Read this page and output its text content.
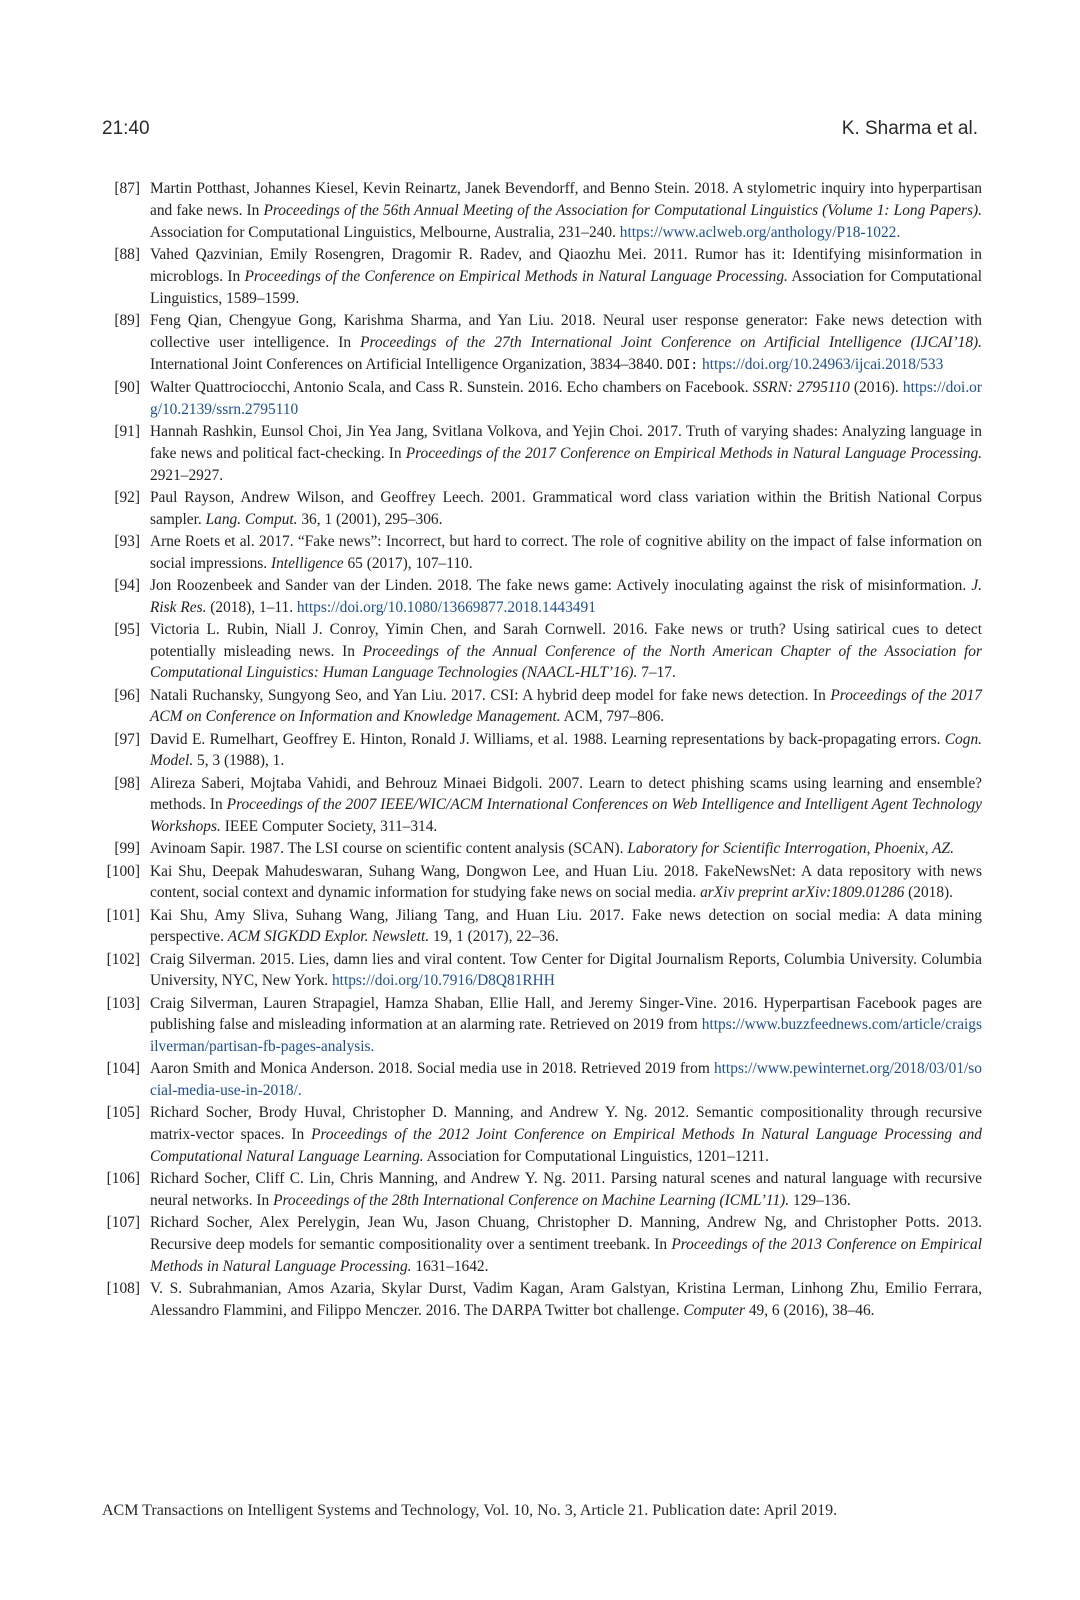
21:40	K. Sharma et al.
[87] Martin Potthast, Johannes Kiesel, Kevin Reinartz, Janek Bevendorff, and Benno Stein. 2018. A stylometric inquiry into hyperpartisan and fake news. In Proceedings of the 56th Annual Meeting of the Association for Computational Linguistics (Volume 1: Long Papers). Association for Computational Linguistics, Melbourne, Australia, 231–240. https://www.aclweb.org/anthology/P18-1022.
[88] Vahed Qazvinian, Emily Rosengren, Dragomir R. Radev, and Qiaozhu Mei. 2011. Rumor has it: Identifying misinformation in microblogs. In Proceedings of the Conference on Empirical Methods in Natural Language Processing. Association for Computational Linguistics, 1589–1599.
[89] Feng Qian, Chengyue Gong, Karishma Sharma, and Yan Liu. 2018. Neural user response generator: Fake news detection with collective user intelligence. In Proceedings of the 27th International Joint Conference on Artificial Intelligence (IJCAI’18). International Joint Conferences on Artificial Intelligence Organization, 3834–3840. DOI: https://doi.org/10.24963/ijcai.2018/533
[90] Walter Quattrociocchi, Antonio Scala, and Cass R. Sunstein. 2016. Echo chambers on Facebook. SSRN: 2795110 (2016). https://doi.org/10.2139/ssrn.2795110
[91] Hannah Rashkin, Eunsol Choi, Jin Yea Jang, Svitlana Volkova, and Yejin Choi. 2017. Truth of varying shades: Analyzing language in fake news and political fact-checking. In Proceedings of the 2017 Conference on Empirical Methods in Natural Language Processing. 2921–2927.
[92] Paul Rayson, Andrew Wilson, and Geoffrey Leech. 2001. Grammatical word class variation within the British National Corpus sampler. Lang. Comput. 36, 1 (2001), 295–306.
[93] Arne Roets et al. 2017. “Fake news”: Incorrect, but hard to correct. The role of cognitive ability on the impact of false information on social impressions. Intelligence 65 (2017), 107–110.
[94] Jon Roozenbeek and Sander van der Linden. 2018. The fake news game: Actively inoculating against the risk of misinformation. J. Risk Res. (2018), 1–11. https://doi.org/10.1080/13669877.2018.1443491
[95] Victoria L. Rubin, Niall J. Conroy, Yimin Chen, and Sarah Cornwell. 2016. Fake news or truth? Using satirical cues to detect potentially misleading news. In Proceedings of the Annual Conference of the North American Chapter of the Association for Computational Linguistics: Human Language Technologies (NAACL-HLT’16). 7–17.
[96] Natali Ruchansky, Sungyong Seo, and Yan Liu. 2017. CSI: A hybrid deep model for fake news detection. In Proceedings of the 2017 ACM on Conference on Information and Knowledge Management. ACM, 797–806.
[97] David E. Rumelhart, Geoffrey E. Hinton, Ronald J. Williams, et al. 1988. Learning representations by back-propagating errors. Cogn. Model. 5, 3 (1988), 1.
[98] Alireza Saberi, Mojtaba Vahidi, and Behrouz Minaei Bidgoli. 2007. Learn to detect phishing scams using learning and ensemble? methods. In Proceedings of the 2007 IEEE/WIC/ACM International Conferences on Web Intelligence and Intelligent Agent Technology Workshops. IEEE Computer Society, 311–314.
[99] Avinoam Sapir. 1987. The LSI course on scientific content analysis (SCAN). Laboratory for Scientific Interrogation, Phoenix, AZ.
[100] Kai Shu, Deepak Mahudeswaran, Suhang Wang, Dongwon Lee, and Huan Liu. 2018. FakeNewsNet: A data repository with news content, social context and dynamic information for studying fake news on social media. arXiv preprint arXiv:1809.01286 (2018).
[101] Kai Shu, Amy Sliva, Suhang Wang, Jiliang Tang, and Huan Liu. 2017. Fake news detection on social media: A data mining perspective. ACM SIGKDD Explor. Newslett. 19, 1 (2017), 22–36.
[102] Craig Silverman. 2015. Lies, damn lies and viral content. Tow Center for Digital Journalism Reports, Columbia University. Columbia University, NYC, New York. https://doi.org/10.7916/D8Q81RHH
[103] Craig Silverman, Lauren Strapagiel, Hamza Shaban, Ellie Hall, and Jeremy Singer-Vine. 2016. Hyperpartisan Facebook pages are publishing false and misleading information at an alarming rate. Retrieved on 2019 from https://www.buzzfeednews.com/article/craigsilverman/partisan-fb-pages-analysis.
[104] Aaron Smith and Monica Anderson. 2018. Social media use in 2018. Retrieved 2019 from https://www.pewinternet.org/2018/03/01/social-media-use-in-2018/.
[105] Richard Socher, Brody Huval, Christopher D. Manning, and Andrew Y. Ng. 2012. Semantic compositionality through recursive matrix-vector spaces. In Proceedings of the 2012 Joint Conference on Empirical Methods In Natural Language Processing and Computational Natural Language Learning. Association for Computational Linguistics, 1201–1211.
[106] Richard Socher, Cliff C. Lin, Chris Manning, and Andrew Y. Ng. 2011. Parsing natural scenes and natural language with recursive neural networks. In Proceedings of the 28th International Conference on Machine Learning (ICML’11). 129–136.
[107] Richard Socher, Alex Perelygin, Jean Wu, Jason Chuang, Christopher D. Manning, Andrew Ng, and Christopher Potts. 2013. Recursive deep models for semantic compositionality over a sentiment treebank. In Proceedings of the 2013 Conference on Empirical Methods in Natural Language Processing. 1631–1642.
[108] V. S. Subrahmanian, Amos Azaria, Skylar Durst, Vadim Kagan, Aram Galstyan, Kristina Lerman, Linhong Zhu, Emilio Ferrara, Alessandro Flammini, and Filippo Menczer. 2016. The DARPA Twitter bot challenge. Computer 49, 6 (2016), 38–46.
ACM Transactions on Intelligent Systems and Technology, Vol. 10, No. 3, Article 21. Publication date: April 2019.
